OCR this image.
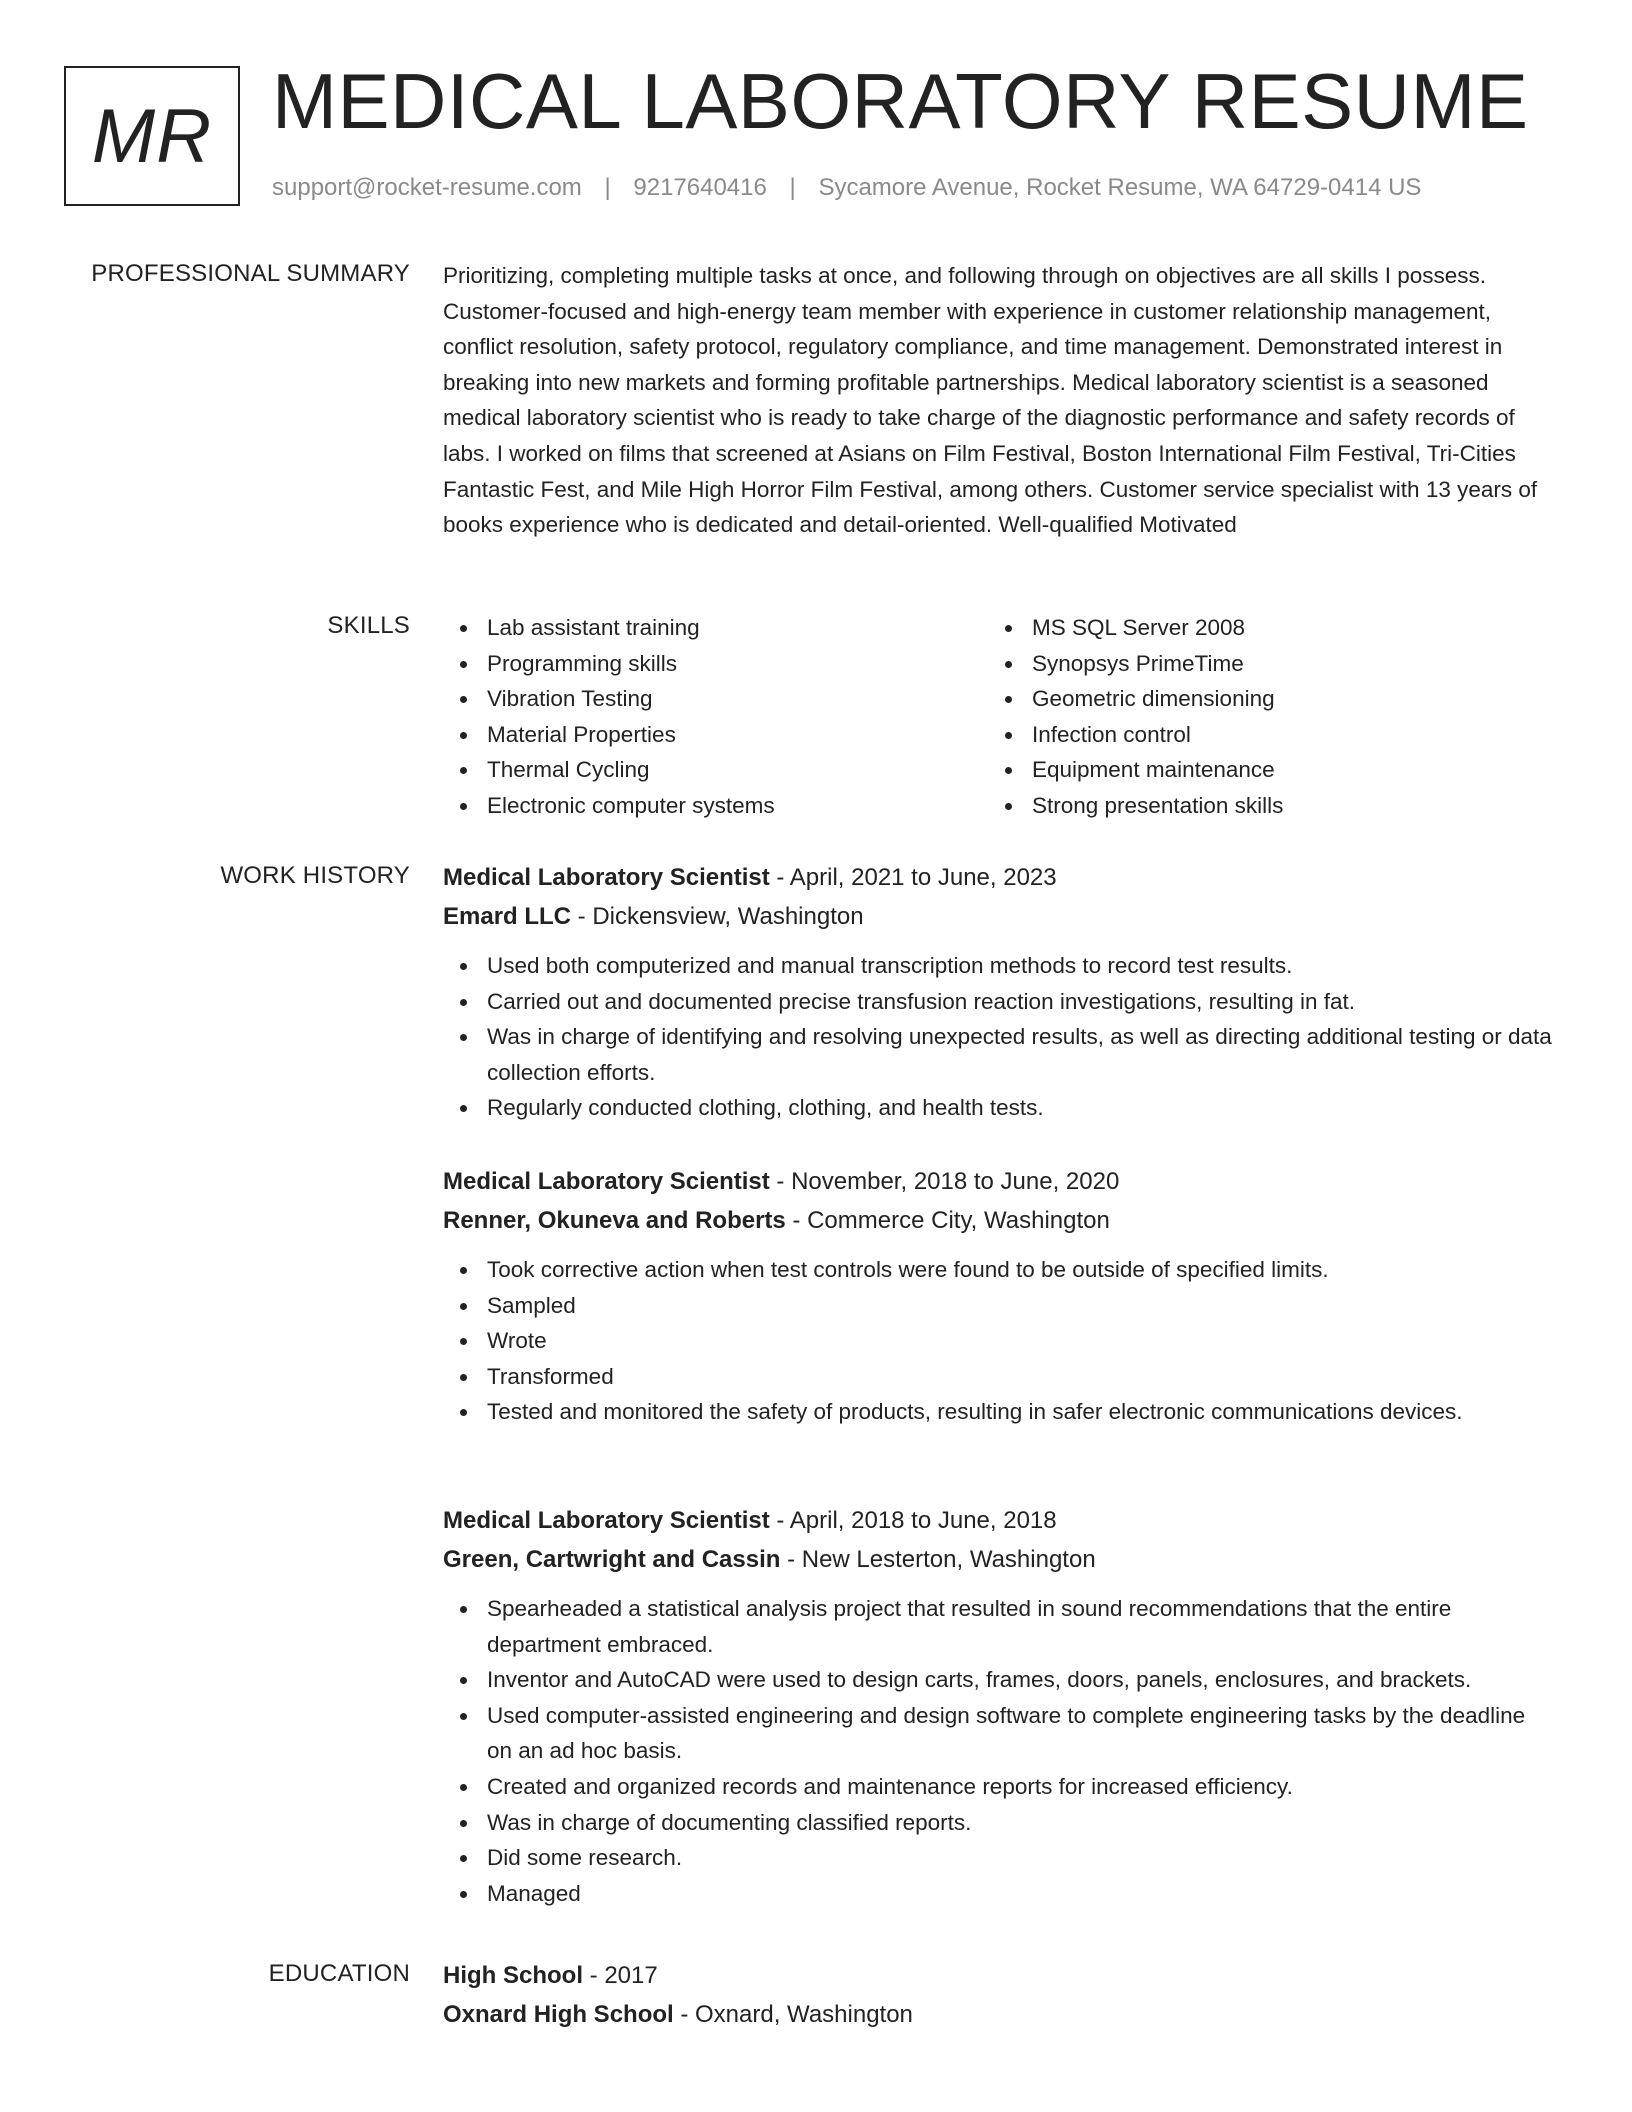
MR MEDICAL LABORATORY RESUME
support@rocket-resume.com | 9217640416 | Sycamore Avenue, Rocket Resume, WA 64729-0414 US
PROFESSIONAL SUMMARY Prioritizing, completing multiple tasks at once, and following through on objectives are all skills I possess. Customer-focused and high-energy team member with experience in customer relationship management, conflict resolution, safety protocol, regulatory compliance, and time management. Demonstrated interest in breaking into new markets and forming profitable partnerships. Medical laboratory scientist is a seasoned medical laboratory scientist who is ready to take charge of the diagnostic performance and safety records of labs. I worked on films that screened at Asians on Film Festival, Boston International Film Festival, Tri-Cities Fantastic Fest, and Mile High Horror Film Festival, among others. Customer service specialist with 13 years of books experience who is dedicated and detail-oriented. Well-qualified Motivated

SKILLS	Lab assistant training
Programming skills
Vibration Testing
Material Properties
Thermal Cycling
Electronic computer systems
MS SQL Server 2008
Synopsys PrimeTime
Geometric dimensioning
Infection control
Equipment maintenance
Strong presentation skills
WORK HISTORY Medical Laboratory Scientist - April, 2021 to June, 2023
Emard LLC - Dickensview, Washington
Used both computerized and manual transcription methods to record test results.
Carried out and documented precise transfusion reaction investigations, resulting in fat.
Was in charge of identifying and resolving unexpected results, as well as directing additional testing or data collection efforts.
Regularly conducted clothing, clothing, and health tests.
Medical Laboratory Scientist - November, 2018 to June, 2020
Renner, Okuneva and Roberts - Commerce City, Washington
Took corrective action when test controls were found to be outside of specified limits.
Sampled
Wrote
Transformed
Tested and monitored the safety of products, resulting in safer electronic communications devices.
Medical Laboratory Scientist - April, 2018 to June, 2018
Green, Cartwright and Cassin - New Lesterton, Washington
Spearheaded a statistical analysis project that resulted in sound recommendations that the entire department embraced.
Inventor and AutoCAD were used to design carts, frames, doors, panels, enclosures, and brackets.
Used computer-assisted engineering and design software to complete engineering tasks by the deadline on an ad hoc basis.
Created and organized records and maintenance reports for increased efficiency.
Was in charge of documenting classified reports.
Did some research.
Managed
EDUCATION High School - 2017
Oxnard High School - Oxnard, Washington
